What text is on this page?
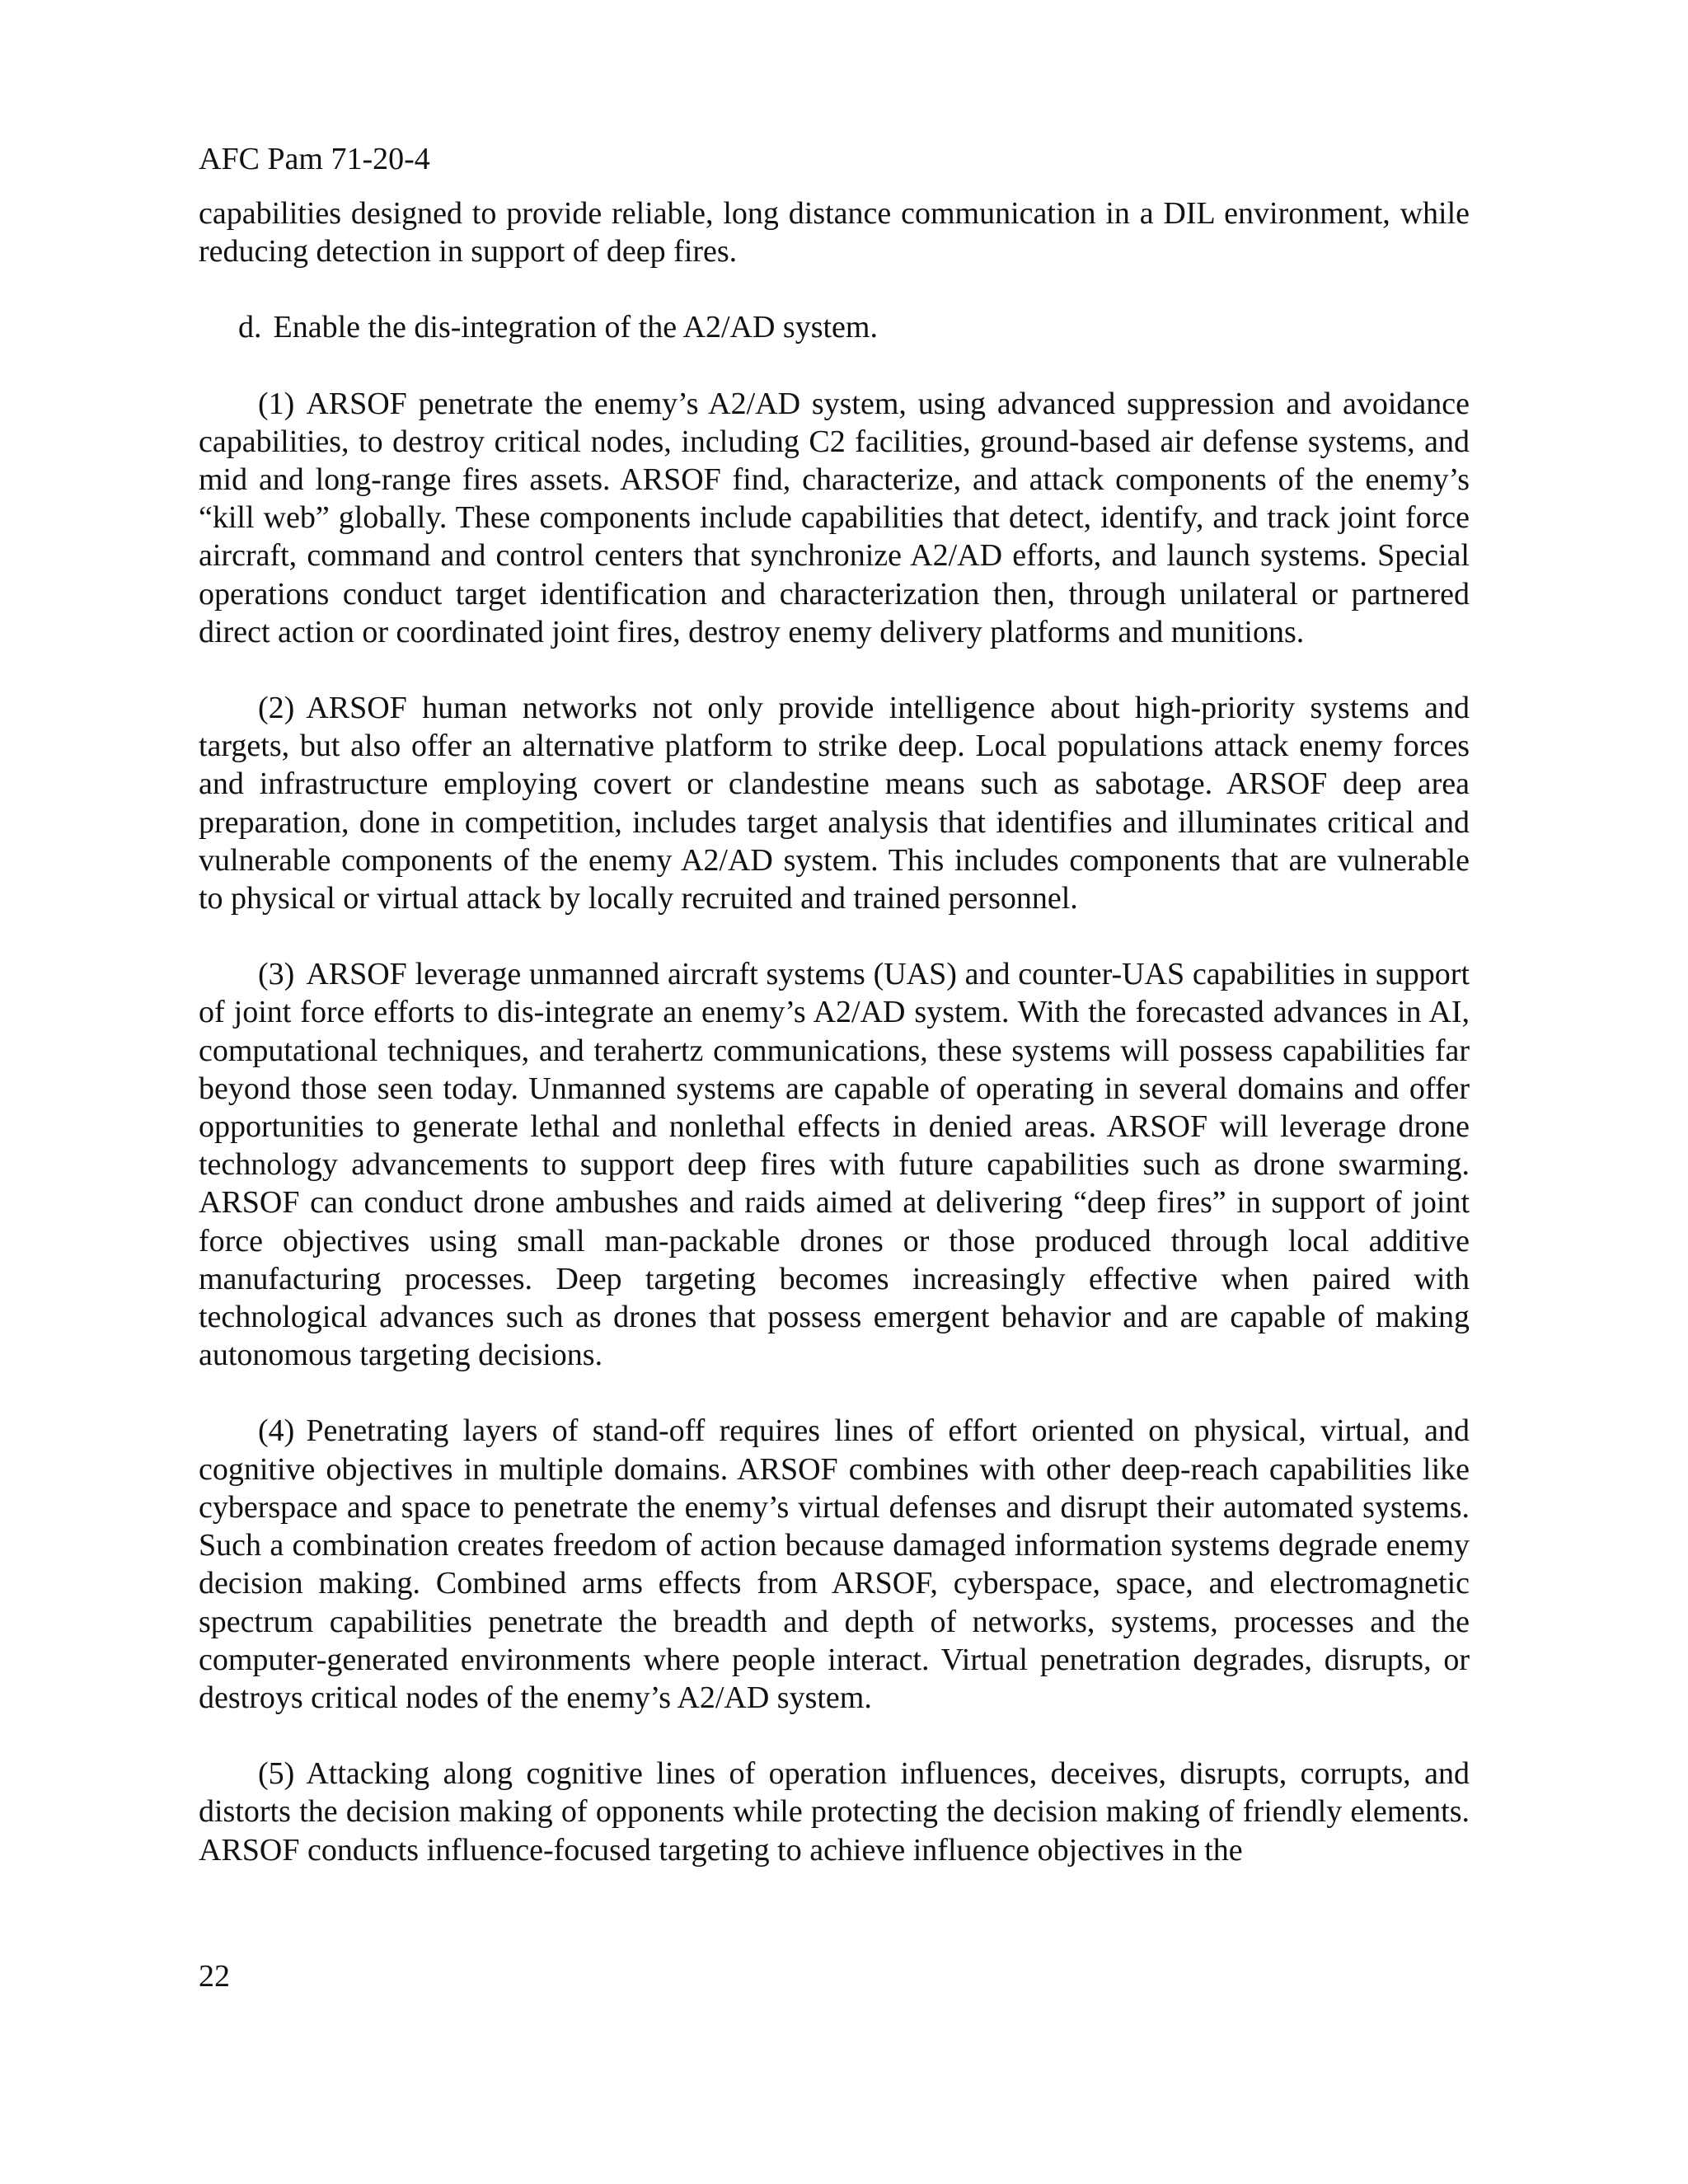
AFC Pam 71-20-4

capabilities designed to provide reliable, long distance communication in a DIL environment, while reducing detection in support of deep fires.

d. Enable the dis-integration of the A2/AD system.

(1) ARSOF penetrate the enemy’s A2/AD system, using advanced suppression and avoidance capabilities, to destroy critical nodes, including C2 facilities, ground-based air defense systems, and mid and long-range fires assets. ARSOF find, characterize, and attack components of the enemy’s “kill web” globally. These components include capabilities that detect, identify, and track joint force aircraft, command and control centers that synchronize A2/AD efforts, and launch systems. Special operations conduct target identification and characterization then, through unilateral or partnered direct action or coordinated joint fires, destroy enemy delivery platforms and munitions.

(2) ARSOF human networks not only provide intelligence about high-priority systems and targets, but also offer an alternative platform to strike deep. Local populations attack enemy forces and infrastructure employing covert or clandestine means such as sabotage. ARSOF deep area preparation, done in competition, includes target analysis that identifies and illuminates critical and vulnerable components of the enemy A2/AD system. This includes components that are vulnerable to physical or virtual attack by locally recruited and trained personnel.

(3) ARSOF leverage unmanned aircraft systems (UAS) and counter-UAS capabilities in support of joint force efforts to dis-integrate an enemy’s A2/AD system. With the forecasted advances in AI, computational techniques, and terahertz communications, these systems will possess capabilities far beyond those seen today. Unmanned systems are capable of operating in several domains and offer opportunities to generate lethal and nonlethal effects in denied areas. ARSOF will leverage drone technology advancements to support deep fires with future capabilities such as drone swarming. ARSOF can conduct drone ambushes and raids aimed at delivering “deep fires” in support of joint force objectives using small man-packable drones or those produced through local additive manufacturing processes. Deep targeting becomes increasingly effective when paired with technological advances such as drones that possess emergent behavior and are capable of making autonomous targeting decisions.

(4) Penetrating layers of stand-off requires lines of effort oriented on physical, virtual, and cognitive objectives in multiple domains. ARSOF combines with other deep-reach capabilities like cyberspace and space to penetrate the enemy’s virtual defenses and disrupt their automated systems. Such a combination creates freedom of action because damaged information systems degrade enemy decision making. Combined arms effects from ARSOF, cyberspace, space, and electromagnetic spectrum capabilities penetrate the breadth and depth of networks, systems, processes and the computer-generated environments where people interact. Virtual penetration degrades, disrupts, or destroys critical nodes of the enemy’s A2/AD system.

(5) Attacking along cognitive lines of operation influences, deceives, disrupts, corrupts, and distorts the decision making of opponents while protecting the decision making of friendly elements. ARSOF conducts influence-focused targeting to achieve influence objectives in the

22
